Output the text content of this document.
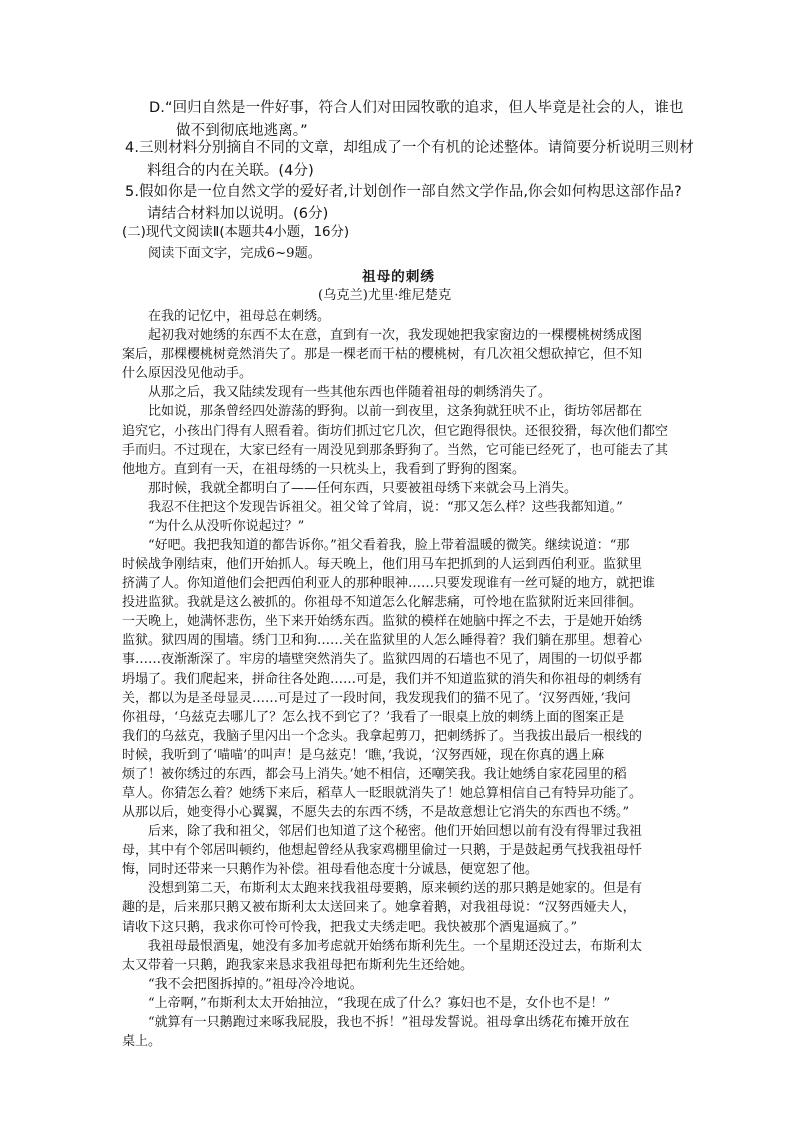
D.“回归自然是一件好事，符合人们对田园牧歌的追求，但人毕竟是社会的人，谁也
做不到彻底地逃离。”
4.三则材料分别摘自不同的文章，却组成了一个有机的论述整体。请简要分析说明三则材
料组合的内在关联。(4分)
5.假如你是一位自然文学的爱好者,计划创作一部自然文学作品,你会如何构思这部作品?
请结合材料加以说明。(6分)
(二)现代文阅读Ⅱ(本题共4小题，16分)
阅读下面文字，完成6~9题。
祖母的刺绣
(乌克兰)尤里·维尼楚克
在我的记忆中，祖母总在刺绣。
起初我对她绣的东西不太在意，直到有一次，我发现她把我家窗边的一棵樱桃树绣成图
案后，那棵樱桃树竟然消失了。那是一棵老而干枯的樱桃树，有几次祖父想砍掉它，但不知
什么原因没见他动手。
从那之后，我又陆续发现有一些其他东西也伴随着祖母的刺绣消失了。
比如说，那条曾经四处游荡的野狗。以前一到夜里，这条狗就狂吠不止，街坊邻居都在
追究它，小孩出门得有人照看着。街坊们抓过它几次，但它跑得很快。还很狡猾，每次他们都空
手而归。不过现在，大家已经有一周没见到那条野狗了。当然，它可能已经死了，也可能去了其
他地方。直到有一天，在祖母绣的一只枕头上，我看到了野狗的图案。
那时候，我就全都明白了——任何东西，只要被祖母绣下来就会马上消失。
我忍不住把这个发现告诉祖父。祖父耸了耸肩，说：“那又怎么样？这些我都知道。”
“为什么从没听你说起过？”
“好吧。我把我知道的都告诉你。”祖父看着我，脸上带着温暖的微笑。继续说道：“那
时候战争刚结束，他们开始抓人。每天晚上，他们用马车把抓到的人运到西伯利亚。监狱里
挤满了人。你知道他们会把西伯利亚人的那种眼神……只要发现谁有一丝可疑的地方，就把谁
投进监狱。我就是这么被抓的。你祖母不知道怎么化解悲痛，可怜地在监狱附近来回徘徊。
一天晚上，她满怀悲伤，坐下来开始绣东西。监狱的模样在她脑中挥之不去，于是她开始绣
监狱。狱四周的围墙。绣门卫和狗……关在监狱里的人怎么睡得着？我们躺在那里。想着心
事……夜渐渐深了。牢房的墙壁突然消失了。监狱四周的石墙也不见了，周围的一切似乎都
坍塌了。我们爬起来，拼命往各处跑……可是，我们并不知道监狱的消失和你祖母的刺绣有
关，都以为是圣母显灵……可是过了一段时间，我发现我们的猫不见了。‘汉努西娅，’我问
你祖母，‘乌兹克去哪儿了？怎么找不到它了？’我看了一眼桌上放的刺绣上面的图案正是
我们的乌兹克，我脑子里闪出一个念头。我拿起剪刀，把刺绣拆了。当我拔出最后一根线的
时候，我听到了‘喵喵’的叫声！是乌兹克！‘瞧，’我说，‘汉努西娅，现在你真的遇上麻
烦了！被你绣过的东西，都会马上消失。’她不相信，还嘲笑我。我让她绣自家花园里的稻
草人。你猜怎么着？她绣下来后，稻草人一眨眼就消失了！她总算相信自己有特异功能了。
从那以后，她变得小心翼翼，不愿失去的东西不绣，不是故意想让它消失的东西也不绣。”
后来，除了我和祖父，邻居们也知道了这个秘密。他们开始回想以前有没有得罪过我祖
母，其中有个邻居叫顿约，他想起曾经从我家鸡棚里偷过一只鹅，于是鼓起勇气找我祖母忏
悔，同时还带来一只鹅作为补偿。祖母看他态度十分诚恳，便宽恕了他。
没想到第二天，布斯利太太跑来找我祖母要鹅，原来顿约送的那只鹅是她家的。但是有
趣的是，后来那只鹅又被布斯利太太送回来了。她拿着鹅，对我祖母说：“汉努西娅夫人，
请收下这只鹅，我求你可怜可怜我，把我丈夫绣走吧。我快被那个酒鬼逼疯了。”
我祖母最恨酒鬼，她没有多加考虑就开始绣布斯利先生。一个星期还没过去，布斯利太
太又带着一只鹅，跑我家来恳求我祖母把布斯利先生还给她。
“我不会把图拆掉的。”祖母冷冷地说。
“上帝啊，”布斯利太太开始抽泣，“我现在成了什么？寡妇也不是，女仆也不是！”
“就算有一只鹅跑过来啄我屁股，我也不拆！”祖母发誓说。祖母拿出绣花布摊开放在
桌上。
